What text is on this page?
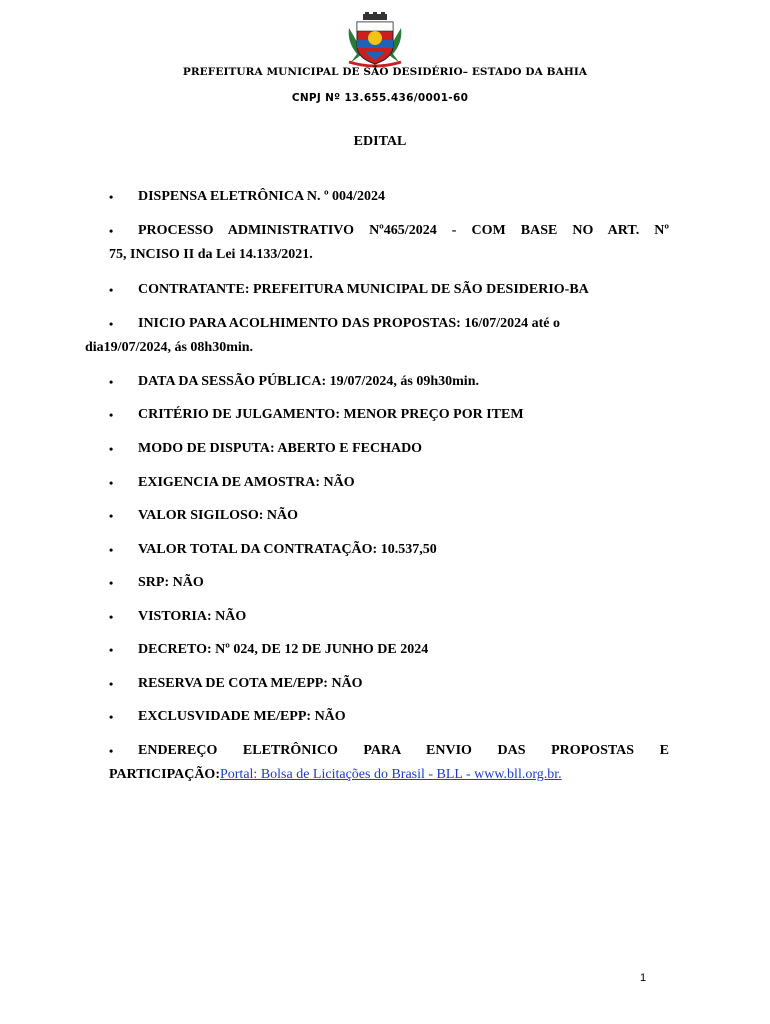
PREFEITURA MUNICIPAL DE SÃO DESIDÉRIO– ESTADO DA BAHIA
CNPJ Nº 13.655.436/0001-60
EDITAL
•	DISPENSA ELETRÔNICA N. º 004/2024
•	PROCESSO ADMINISTRATIVO Nº465/2024 - COM BASE NO ART. Nº
75, INCISO II da Lei 14.133/2021.
•	CONTRATANTE: PREFEITURA MUNICIPAL DE SÃO DESIDERIO-BA
•	INICIO PARA ACOLHIMENTO DAS PROPOSTAS: 16/07/2024 até o
dia19/07/2024, ás 08h30min.
•	DATA DA SESSÃO PÚBLICA: 19/07/2024, ás 09h30min.
•	CRITÉRIO DE JULGAMENTO: MENOR PREÇO POR ITEM
•	MODO DE DISPUTA: ABERTO E FECHADO
•	EXIGENCIA DE AMOSTRA: NÃO
•	VALOR SIGILOSO: NÃO
•	VALOR TOTAL DA CONTRATAÇÃO: 10.537,50
•	SRP: NÃO
•	VISTORIA: NÃO
•	DECRETO: Nº 024, DE 12 DE JUNHO DE 2024
•	RESERVA DE COTA ME/EPP: NÃO
•	EXCLUSVIDADE ME/EPP: NÃO
•	ENDEREÇO ELETRÔNICO PARA ENVIO DAS PROPOSTAS E
PARTICIPAÇÃO:Portal: Bolsa de Licitações do Brasil - BLL - www.bll.org.br.
1
